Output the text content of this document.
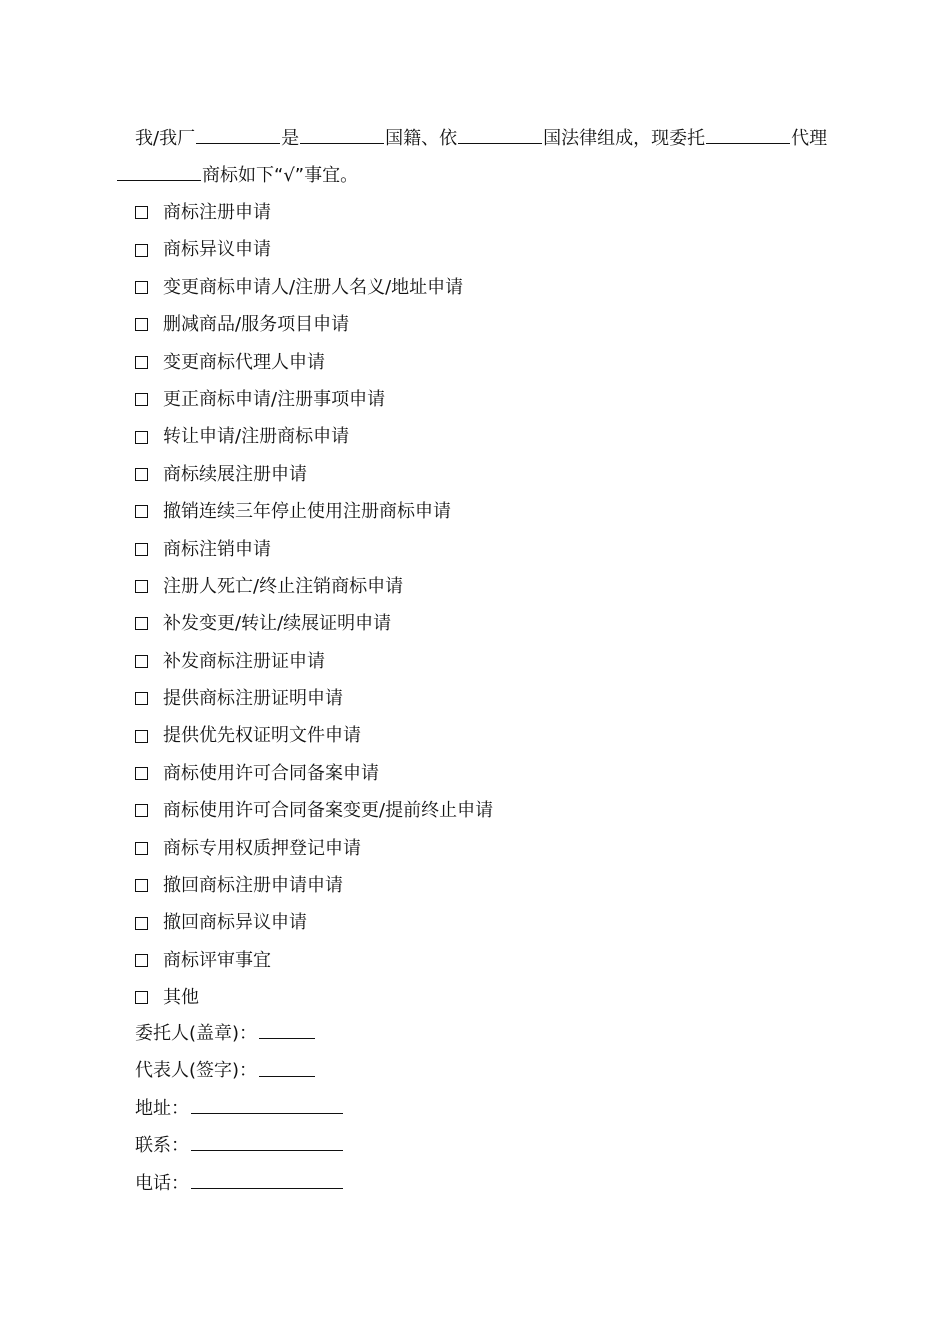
我/我厂	是	国籍、依	国法律组成，现委托	代理商标如下“√”事宜。

商标注册申请
商标异议申请
变更商标申请人/注册人名义/地址申请
删减商品/服务项目申请
变更商标代理人申请
更正商标申请/注册事项申请
转让申请/注册商标申请
商标续展注册申请
撤销连续三年停止使用注册商标申请
商标注销申请
注册人死亡/终止注销商标申请
补发变更/转让/续展证明申请
补发商标注册证申请
提供商标注册证明申请
提供优先权证明文件申请
商标使用许可合同备案申请
商标使用许可合同备案变更/提前终止申请
商标专用权质押登记申请
撤回商标注册申请申请
撤回商标异议申请
商标评审事宜
其他
委托人(盖章)：
代表人(签字)：
地址：
联系：
电话：
